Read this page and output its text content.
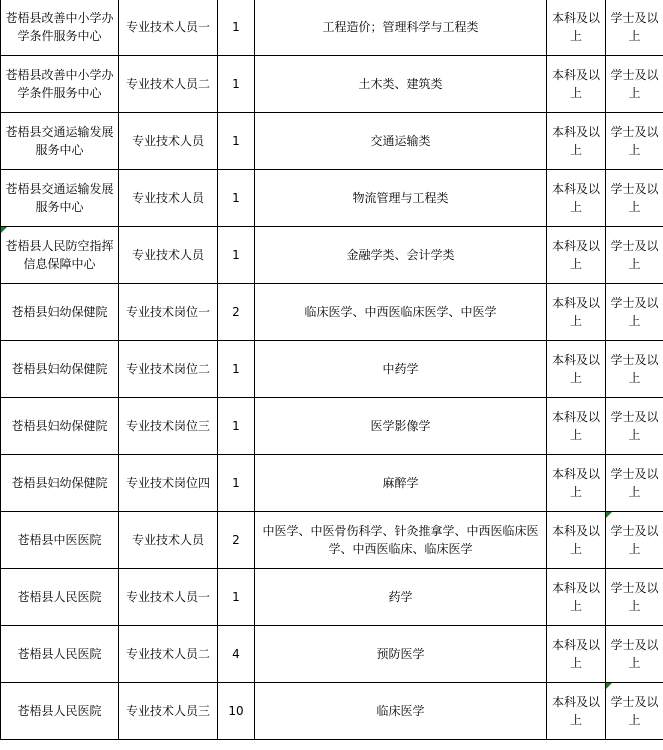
苍梧县改善中小学办学条件服务中心	专业技术人员一	1	工程造价；管理科学与工程类	本科及以上	学士及以上
苍梧县改善中小学办学条件服务中心	专业技术人员二	1	土木类、建筑类	本科及以上	学士及以上
苍梧县交通运输发展服务中心	专业技术人员	1	交通运输类	本科及以上	学士及以上
苍梧县交通运输发展服务中心	专业技术人员	1	物流管理与工程类	本科及以上	学士及以上

苍梧县人民防空指挥信息保障中心	专业技术人员	1	金融学类、会计学类	本科及以上	学士及以上
苍梧县妇幼保健院	专业技术岗位一	2	临床医学、中西医临床医学、中医学	本科及以上	学士及以上
苍梧县妇幼保健院	专业技术岗位二	1	中药学	本科及以上	学士及以上
苍梧县妇幼保健院	专业技术岗位三	1	医学影像学	本科及以上	学士及以上
苍梧县妇幼保健院	专业技术岗位四	1	麻醉学	本科及以上	学士及以上
苍梧县中医医院	专业技术人员	2	中医学、中医骨伤科学、针灸推拿学、中西医临床医学、中西医临床、临床医学	本科及以上	学士及以上
苍梧县人民医院	专业技术人员一	1	药学	本科及以上	学士及以上
苍梧县人民医院	专业技术人员二	4	预防医学	本科及以上	学士及以上
苍梧县人民医院	专业技术人员三	10	临床医学	本科及以上	学士及以上
